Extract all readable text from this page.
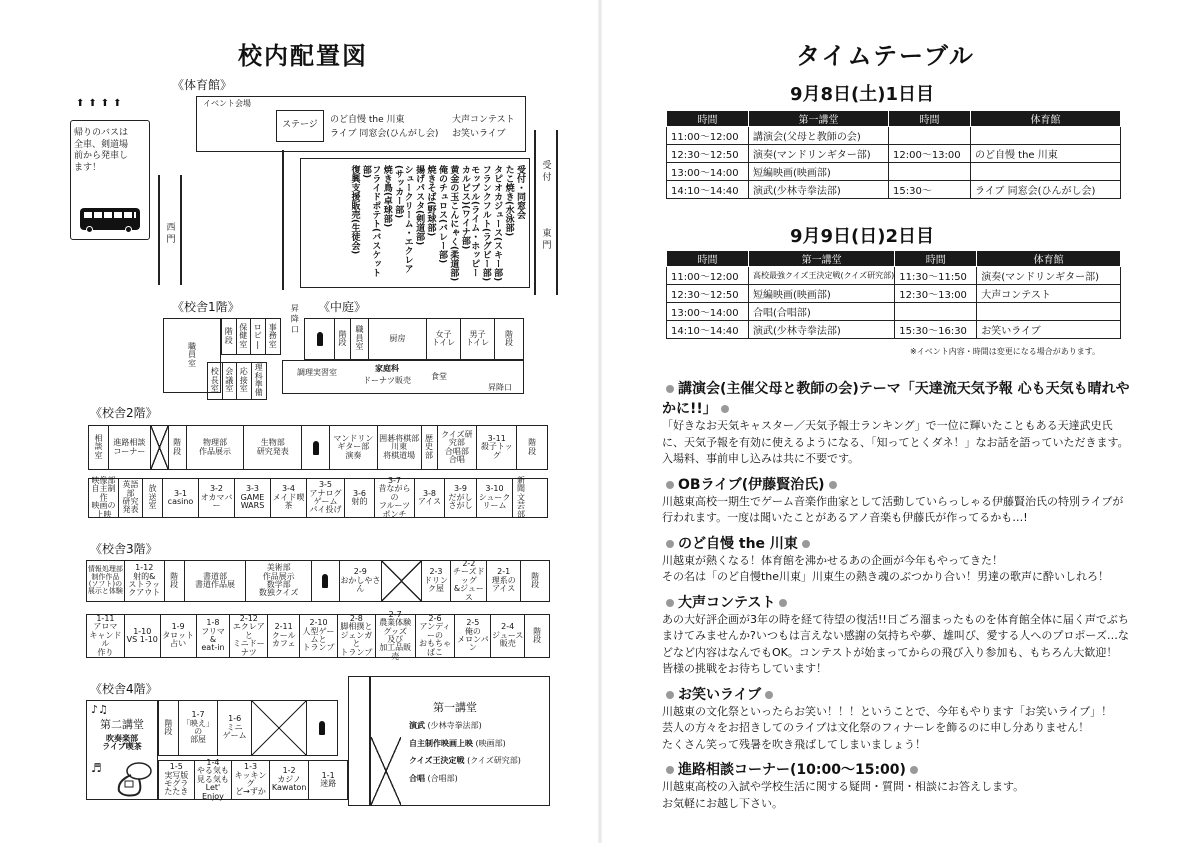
校内配置図
《体育館》
イベント会場
ステージ
のど自慢 the 川東
ライブ 同窓会(ひんがし会)
大声コンテスト
お笑いライブ
⬆⬆⬆⬆
帰りのバスは
全車、剣道場
前から発車し
ます！
西 門
受付・同窓会
たこ焼き(水泳部)
タピオカジュース(スキー部)
フランクフルト(ラグビー部)
モップル(ライム・ホッピーカルピス)(ワイナ部)
黄金の玉こんにゃく(柔道部)
俺のチュロス(バレー部)
焼きそば(野球部)
揚げパスタ(剣道部)
シュークリーム・エクレア(サッカー部)
焼き鳥(卓球部)
フライドポテト(バスケット部)
復興支援販売(生徒会)	受 付
東 門
《校舎1階》	《中庭》
昇 降 口
職
員
室
階
段
保
健
室
ロ
ビ
|
事
務
室
校
長
室
会
議
室
応
接
室
理
科
準
備
階
段
職
員
室
厨房	女子
トイレ
男子
トイレ
階
段
調理実習室	家庭科
ドーナツ販売	食堂
昇降口
《校舎2階》
相
談
室
進路相談
コーナー
階
段
物理部
作品展示
生物部
研究発表
マンドリンギター部
演奏
囲碁将棋部
川東
将棋道場
歴
史
部
クイズ研究部
合唱部
合唱
3-11
殺子トッグ
階
段
映像部
自主制作
映画の
上映
英語部
研究
発表
放
送
室
3-1
casino
3-2
オカマバー
3-3
GAME
WARS
3-4
メイド喫茶
3-5
アナログゲーム
パイ投げ
3-6
射的
3-7
昔ながらの
フルーツポンチ
3-8
アイス
3-9
だがし
さがし
3-10
シュークリーム
新
聞
文
芸
部
《校舎3階》
情報処理部
制作作品
(ソフト)の
展示と体験
1-12
射的&
ストラックアウト
階
段
書道部
書道作品展
美術部
作品展示
数学部
数独クイズ
2-9
おかしやさん
2-3
ドリンク屋
2-2
チーズドッグ
&ジュース
2-1
理系の
アイス
階
段
1-11
アロマ
キャンドル
作り
1-10
VS 1-10
1-9
タロット
占い
1-8
フリマ
&
eat-in
2-12
エクレアと
ミニドーナツ
2-11
クール
カフェ
2-10
人型ゲームと
トランプ
2-8
脚相撲と
ジェンガと
トランプ
2-7
農業体験グッズ
及び
加工品販売
2-6
アンディーの
おもちゃばこ
2-5
俺の
メロンパン
2-4
ジュース
販売
階
段
《校舎4階》
♪♫
第二講堂
吹奏楽部
ライブ喫茶
♬
階
段
1-7
「映え」の
部屋
1-6
ミニ
ゲーム
1-5
実写版
モグラ
たたき
1-4
やる気も
見る気も
Let' Enjoy
1-3
キッキング
ど→ずか
1-2
カジノ
Kawaton
1-1
迷路
第一講堂
演武 (少林寺拳法部)
自主制作映画上映 (映画部)
クイズ王決定戦 (クイズ研究部)
合唱 (合唱部)
タイムテーブル
9月8日(土)1日目
時間	第一講堂	時間	体育館
11:00〜12:00	講演会(父母と教師の会)		
12:30〜12:50	演奏(マンドリンギター部)	12:00〜13:00	のど自慢 the 川東
13:00〜14:00	短編映画(映画部)		
14:10〜14:40	演武(少林寺拳法部)	15:30〜	ライブ 同窓会(ひんがし会)
9月9日(日)2日目
時間	第一講堂	時間	体育館
11:00〜12:00	高校最強クイズ王決定戦(クイズ研究部)	11:30〜11:50	演奏(マンドリンギター部)
12:30〜12:50	短編映画(映画部)	12:30〜13:00	大声コンテスト
13:00〜14:00	合唱(合唱部)		
14:10〜14:40	演武(少林寺拳法部)	15:30〜16:30	お笑いライブ
※イベント内容・時間は変更になる場合があります。
講演会(主催父母と教師の会)テーマ「天達流天気予報 心も天気も晴れやかに!!」
「好きなお天気キャスター／天気予報士ランキング」で一位に輝いたこともある天達武史氏に、天気予報を有効に使えるようになる、「知ってとくダネ！」なお話を語っていただきます。入場料、事前申し込みは共に不要です。
OBライブ(伊藤賢治氏)
川越東高校一期生でゲーム音楽作曲家として活動していらっしゃる伊藤賢治氏の特別ライブが行われます。一度は聞いたことがあるアノ音楽も伊藤氏が作ってるかも…!
のど自慢 the 川東
川越東が熱くなる！体育館を沸かせるあの企画が今年もやってきた！
その名は「のど自慢the川東」川東生の熱き魂のぶつかり合い！男達の歌声に酔いしれろ！
大声コンテスト
あの大好評企画が3年の時を経て待望の復活!!日ごろ溜まったものを体育館全体に届く声でぶちまけてみませんか?いつもは言えない感謝の気持ちや夢、雄叫び、愛する人へのプロポーズ…などなど内容はなんでもOK。コンテストが始まってからの飛び入り参加も、もちろん大歓迎！
皆様の挑戦をお待ちしています！
お笑いライブ
川越東の文化祭といったらお笑い！！！ということで、今年もやります「お笑いライブ」！
芸人の方々をお招きしてのライブは文化祭のフィナーレを飾るのに申し分ありません！
たくさん笑って残暑を吹き飛ばしてしまいましょう！
進路相談コーナー(10:00〜15:00)
川越東高校の入試や学校生活に関する疑問・質問・相談にお答えします。
お気軽にお越し下さい。
